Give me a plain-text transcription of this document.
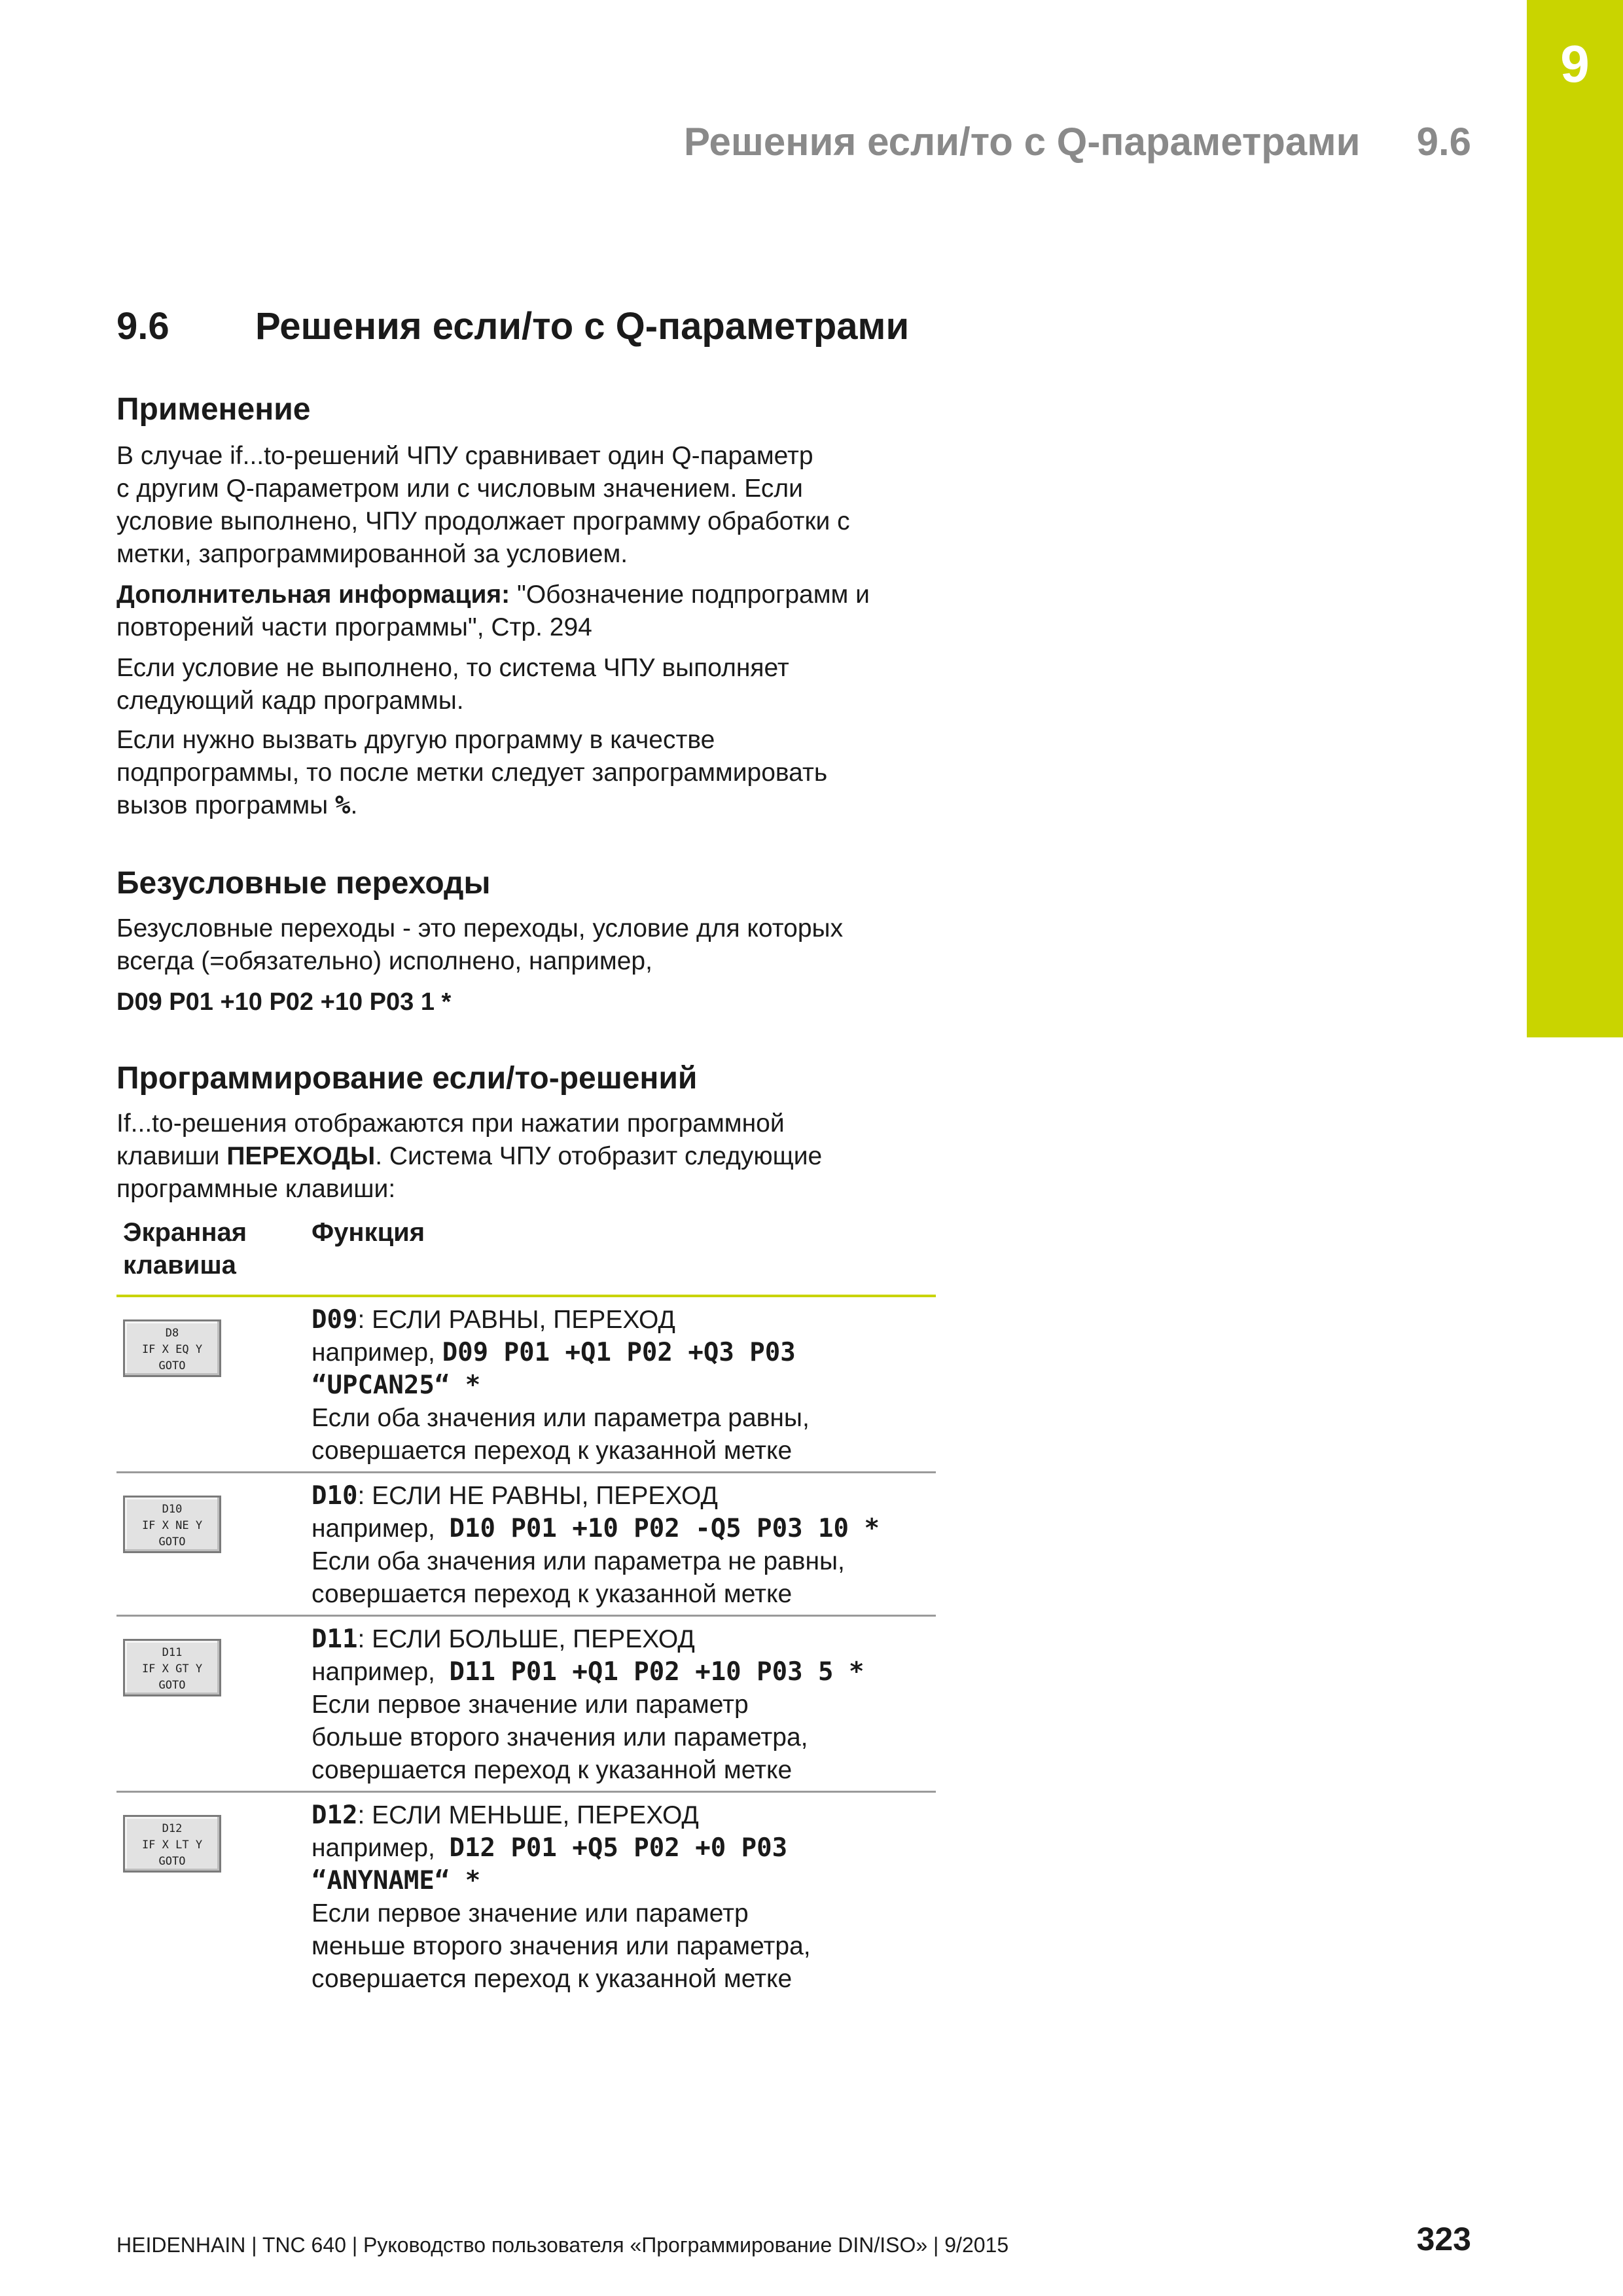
9
Решения если/то с Q-параметрами 9.6
9.6 Решения если/то с Q-параметрами
Применение
В случае if...to-решений ЧПУ сравнивает один Q-параметр
с другим Q-параметром или с числовым значением. Если
условие выполнено, ЧПУ продолжает программу обработки с
метки, запрограммированной за условием.
Дополнительная информация: "Обозначение подпрограмм и
повторений части программы", Стр. 294
Если условие не выполнено, то система ЧПУ выполняет
следующий кадр программы.
Если нужно вызвать другую программу в качестве
подпрограммы, то после метки следует запрограммировать
вызов программы %.
Безусловные переходы
Безусловные переходы - это переходы, условие для которых
всегда (=обязательно) исполнено, например,
D09 P01 +10 P02 +10 P03 1 *
Программирование если/то-решений
If...to-решения отображаются при нажатии программной
клавиши ПЕРЕХОДЫ. Система ЧПУ отобразит следующие
программные клавиши:
Экранная
клавиша
Функция
D8
IF X EQ Y
GOTO
D09: ЕСЛИ РАВНЫ, ПЕРЕХОД
например, D09 P01 +Q1 P02 +Q3 P03
“UPCAN25“ *
Если оба значения или параметра равны,
совершается переход к указанной метке
D10
IF X NE Y
GOTO
D10: ЕСЛИ НЕ РАВНЫ, ПЕРЕХОД
например,  D10 P01 +10 P02 -Q5 P03 10 *
Если оба значения или параметра не равны,
совершается переход к указанной метке
D11
IF X GT Y
GOTO
D11: ЕСЛИ БОЛЬШЕ, ПЕРЕХОД
например,  D11 P01 +Q1 P02 +10 P03 5 *
Если первое значение или параметр
больше второго значения или параметра,
совершается переход к указанной метке
D12
IF X LT Y
GOTO
D12: ЕСЛИ МЕНЬШЕ, ПЕРЕХОД
например,  D12 P01 +Q5 P02 +0 P03
“ANYNAME“ *
Если первое значение или параметр
меньше второго значения или параметра,
совершается переход к указанной метке
HEIDENHAIN | TNC 640 | Руководство пользователя «Программирование DIN/ISO» | 9/2015	323
